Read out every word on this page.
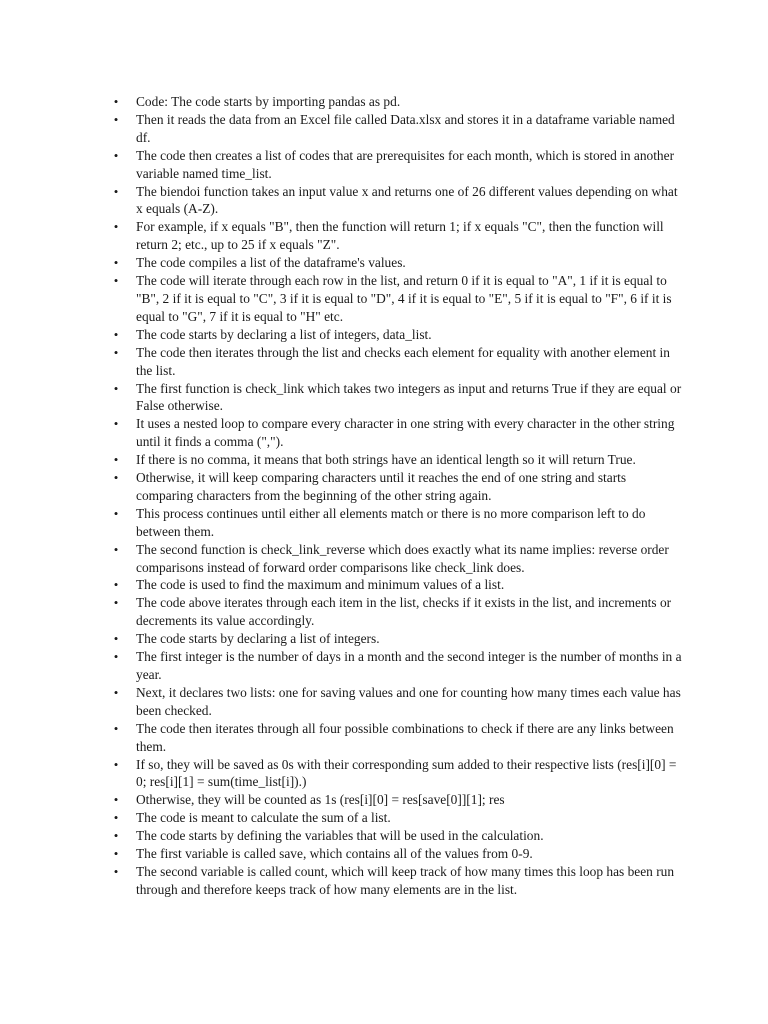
• Code: The code starts by importing pandas as pd.
• Then it reads the data from an Excel file called Data.xlsx and stores it in a dataframe variable named df.
• The code then creates a list of codes that are prerequisites for each month, which is stored in another variable named time_list.
• The biendoi function takes an input value x and returns one of 26 different values depending on what x equals (A-Z).
• For example, if x equals "B", then the function will return 1; if x equals "C", then the function will return 2; etc., up to 25 if x equals "Z".
• The code compiles a list of the dataframe's values.
• The code will iterate through each row in the list, and return 0 if it is equal to "A", 1 if it is equal to "B", 2 if it is equal to "C", 3 if it is equal to "D", 4 if it is equal to "E", 5 if it is equal to "F", 6 if it is equal to "G", 7 if it is equal to "H" etc.
• The code starts by declaring a list of integers, data_list.
• The code then iterates through the list and checks each element for equality with another element in the list.
• The first function is check_link which takes two integers as input and returns True if they are equal or False otherwise.
• It uses a nested loop to compare every character in one string with every character in the other string until it finds a comma (",").
• If there is no comma, it means that both strings have an identical length so it will return True.
• Otherwise, it will keep comparing characters until it reaches the end of one string and starts comparing characters from the beginning of the other string again.
• This process continues until either all elements match or there is no more comparison left to do between them.
• The second function is check_link_reverse which does exactly what its name implies: reverse order comparisons instead of forward order comparisons like check_link does.
• The code is used to find the maximum and minimum values of a list.
• The code above iterates through each item in the list, checks if it exists in the list, and increments or decrements its value accordingly.
• The code starts by declaring a list of integers.
• The first integer is the number of days in a month and the second integer is the number of months in a year.
• Next, it declares two lists: one for saving values and one for counting how many times each value has been checked.
• The code then iterates through all four possible combinations to check if there are any links between them.
• If so, they will be saved as 0s with their corresponding sum added to their respective lists (res[i][0] = 0; res[i][1] = sum(time_list[i]).)
• Otherwise, they will be counted as 1s (res[i][0] = res[save[0]][1]; res
• The code is meant to calculate the sum of a list.
• The code starts by defining the variables that will be used in the calculation.
• The first variable is called save, which contains all of the values from 0-9.
• The second variable is called count, which will keep track of how many times this loop has been run through and therefore keeps track of how many elements are in the list.
